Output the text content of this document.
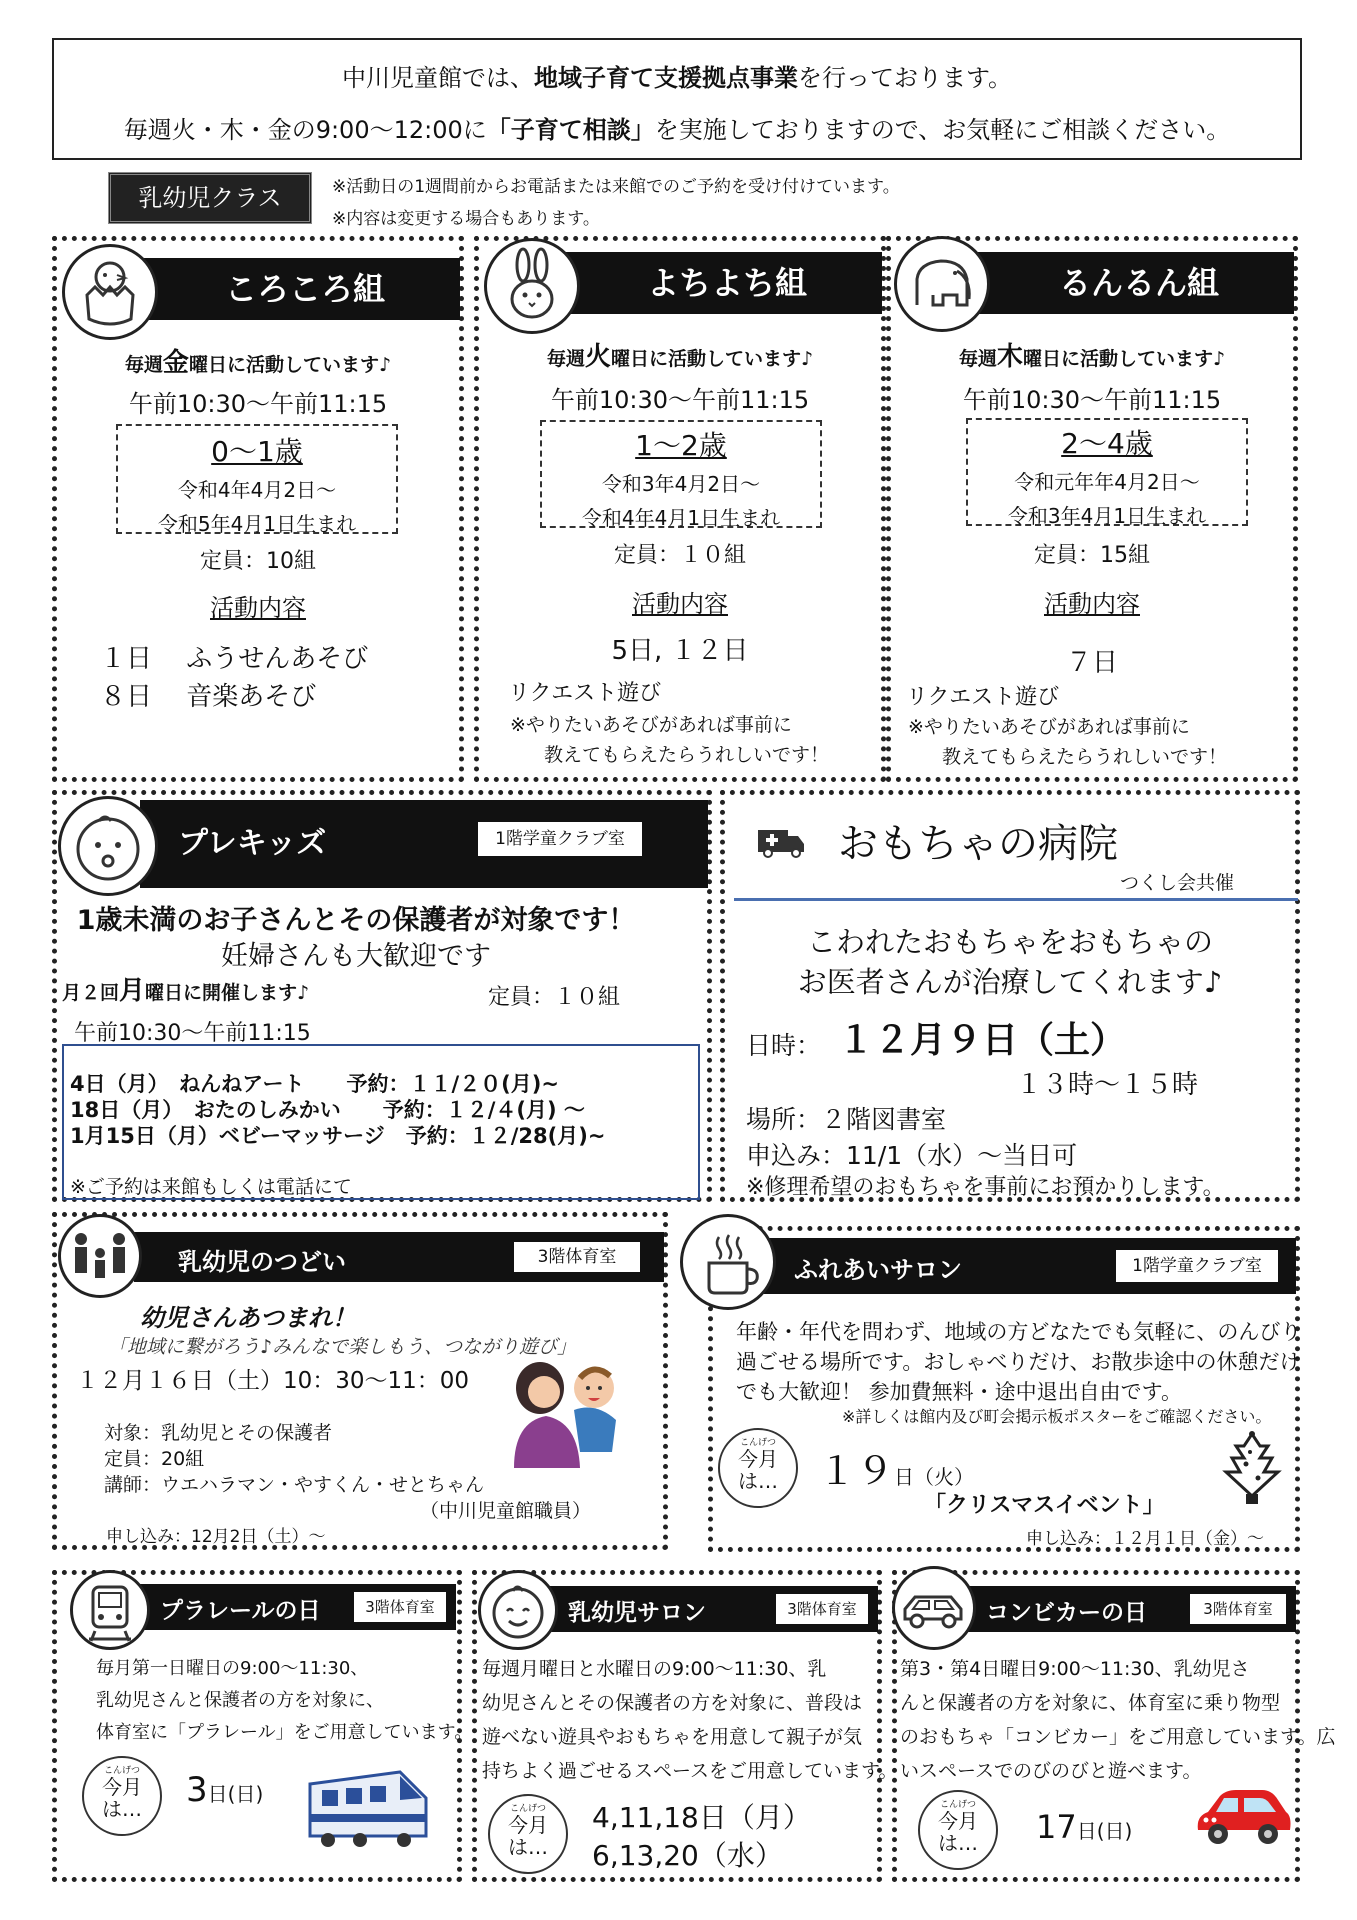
中川児童館では、地域子育て支援拠点事業を行っております。
毎週火・木・金の9:00～12:00に「子育て相談」を実施しておりますので、お気軽にご相談ください。
乳幼児クラス	※活動日の1週間前からお電話または来館でのご予約を受け付けています。
※内容は変更する場合もあります。
ころころ組
毎週金曜日に活動しています♪
午前10:30～午前11:15
0～1歳
令和4年4月2日～
令和5年4月1日生まれ
定員：10組
活動内容
１日　 ふうせんあそび
８日　 音楽あそび
よちよち組
毎週火曜日に活動しています♪
午前10:30～午前11:15
1～2歳
令和3年4月2日～
令和4年4月1日生まれ
定員：１０組
活動内容
5日, １２日
リクエスト遊び
※やりたいあそびがあれば事前に
教えてもらえたらうれしいです！
るんるん組
毎週木曜日に活動しています♪
午前10:30～午前11:15
2～4歳
令和元年年4月2日～
令和3年4月1日生まれ
定員：15組
活動内容
７日
リクエスト遊び
※やりたいあそびがあれば事前に
教えてもらえたらうれしいです！
プレキッズ	1階学童クラブ室
1歳未満のお子さんとその保護者が対象です！
妊婦さんも大歓迎です
月２回月曜日に開催します♪	定員：１０組
午前10:30～午前11:15
4日（月）　ねんねアート　　予約：１１/２０(月)~
18日（月）　おたのしみかい　　予約：１２/４(月) ～
1月15日（月）ベビーマッサージ　予約：１２/28(月)~
※ご予約は来館もしくは電話にて
おもちゃの病院
つくし会共催
こわれたおもちゃをおもちゃの
お医者さんが治療してくれます♪
日時： １２月９日（土）
１３時～１５時
場所：２階図書室
申込み：11/1（水）～当日可
※修理希望のおもちゃを事前にお預かりします。
乳幼児のつどい	3階体育室
幼児さんあつまれ！
「地域に繋がろう♪みんなで楽しもう、つながり遊び」
１２月１６日（土）10：30～11：00
対象：乳幼児とその保護者
定員：20組
講師：ウエハラマン・やすくん・せとちゃん
（中川児童館職員）
申し込み：12月2日（土）～
ふれあいサロン	1階学童クラブ室
年齢・年代を問わず、地域の方どなたでも気軽に、のんびり
過ごせる場所です。おしゃべりだけ、お散歩途中の休憩だけ
でも大歓迎！ 参加費無料・途中退出自由です。
※詳しくは館内及び町会掲示板ポスターをご確認ください。
こんげつ
今月
は…	１９日（火）
「クリスマスイベント」
申し込み：１２月１日（金）～
プラレールの日	3階体育室
毎月第一日曜日の9:00～11:30、
乳幼児さんと保護者の方を対象に、
体育室に「プラレール」をご用意しています。
こんげつ
今月
は…	3日(日)
乳幼児サロン	3階体育室
毎週月曜日と水曜日の9:00～11:30、乳
幼児さんとその保護者の方を対象に、普段は
遊べない遊具やおもちゃを用意して親子が気
持ちよく過ごせるスペースをご用意しています。
こんげつ
今月
は…
4,11,18日（月）
6,13,20（水）
コンビカーの日	3階体育室
第3・第4日曜日9:00～11:30、乳幼児さ
んと保護者の方を対象に、体育室に乗り物型
のおもちゃ「コンビカー」をご用意しています。広
いスペースでのびのびと遊べます。
こんげつ
今月
は…	17日(日)
